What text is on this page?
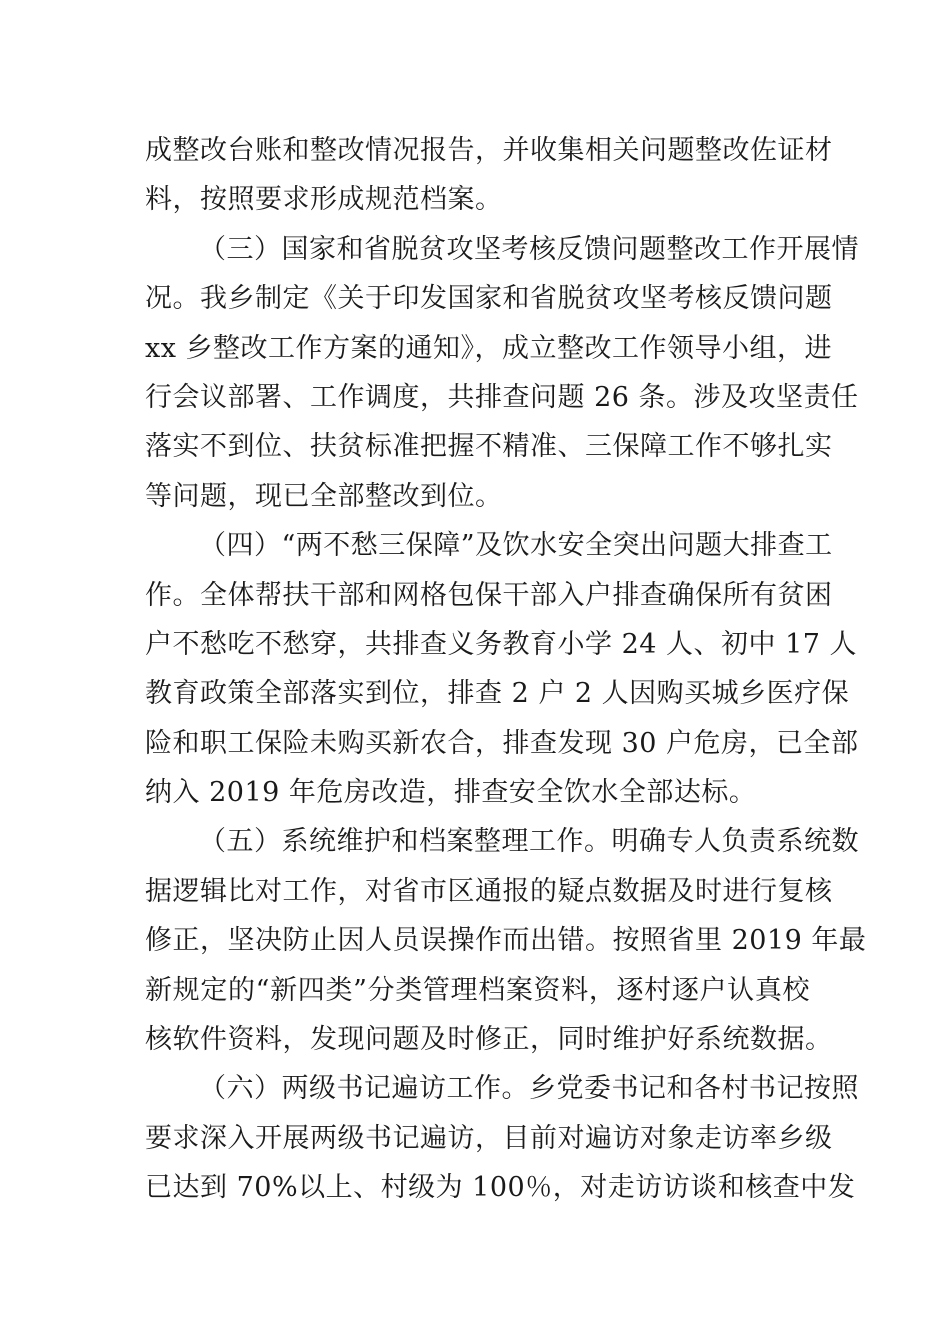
成整改台账和整改情况报告，并收集相关问题整改佐证材
料，按照要求形成规范档案。
（三）国家和省脱贫攻坚考核反馈问题整改工作开展情
况。我乡制定《关于印发国家和省脱贫攻坚考核反馈问题
xx 乡整改工作方案的通知》，成立整改工作领导小组，进
行会议部署、工作调度，共排查问题 26 条。涉及攻坚责任
落实不到位、扶贫标准把握不精准、三保障工作不够扎实
等问题，现已全部整改到位。
（四）“两不愁三保障”及饮水安全突出问题大排查工
作。全体帮扶干部和网格包保干部入户排查确保所有贫困
户不愁吃不愁穿，共排查义务教育小学 24 人、初中 17 人
教育政策全部落实到位，排查 2 户 2 人因购买城乡医疗保
险和职工保险未购买新农合，排查发现 30 户危房，已全部
纳入 2019 年危房改造，排查安全饮水全部达标。
（五）系统维护和档案整理工作。明确专人负责系统数
据逻辑比对工作，对省市区通报的疑点数据及时进行复核
修正，坚决防止因人员误操作而出错。按照省里 2019 年最
新规定的“新四类”分类管理档案资料，逐村逐户认真校
核软件资料，发现问题及时修正，同时维护好系统数据。
（六）两级书记遍访工作。乡党委书记和各村书记按照
要求深入开展两级书记遍访，目前对遍访对象走访率乡级
已达到 70%以上、村级为 100％，对走访访谈和核查中发
